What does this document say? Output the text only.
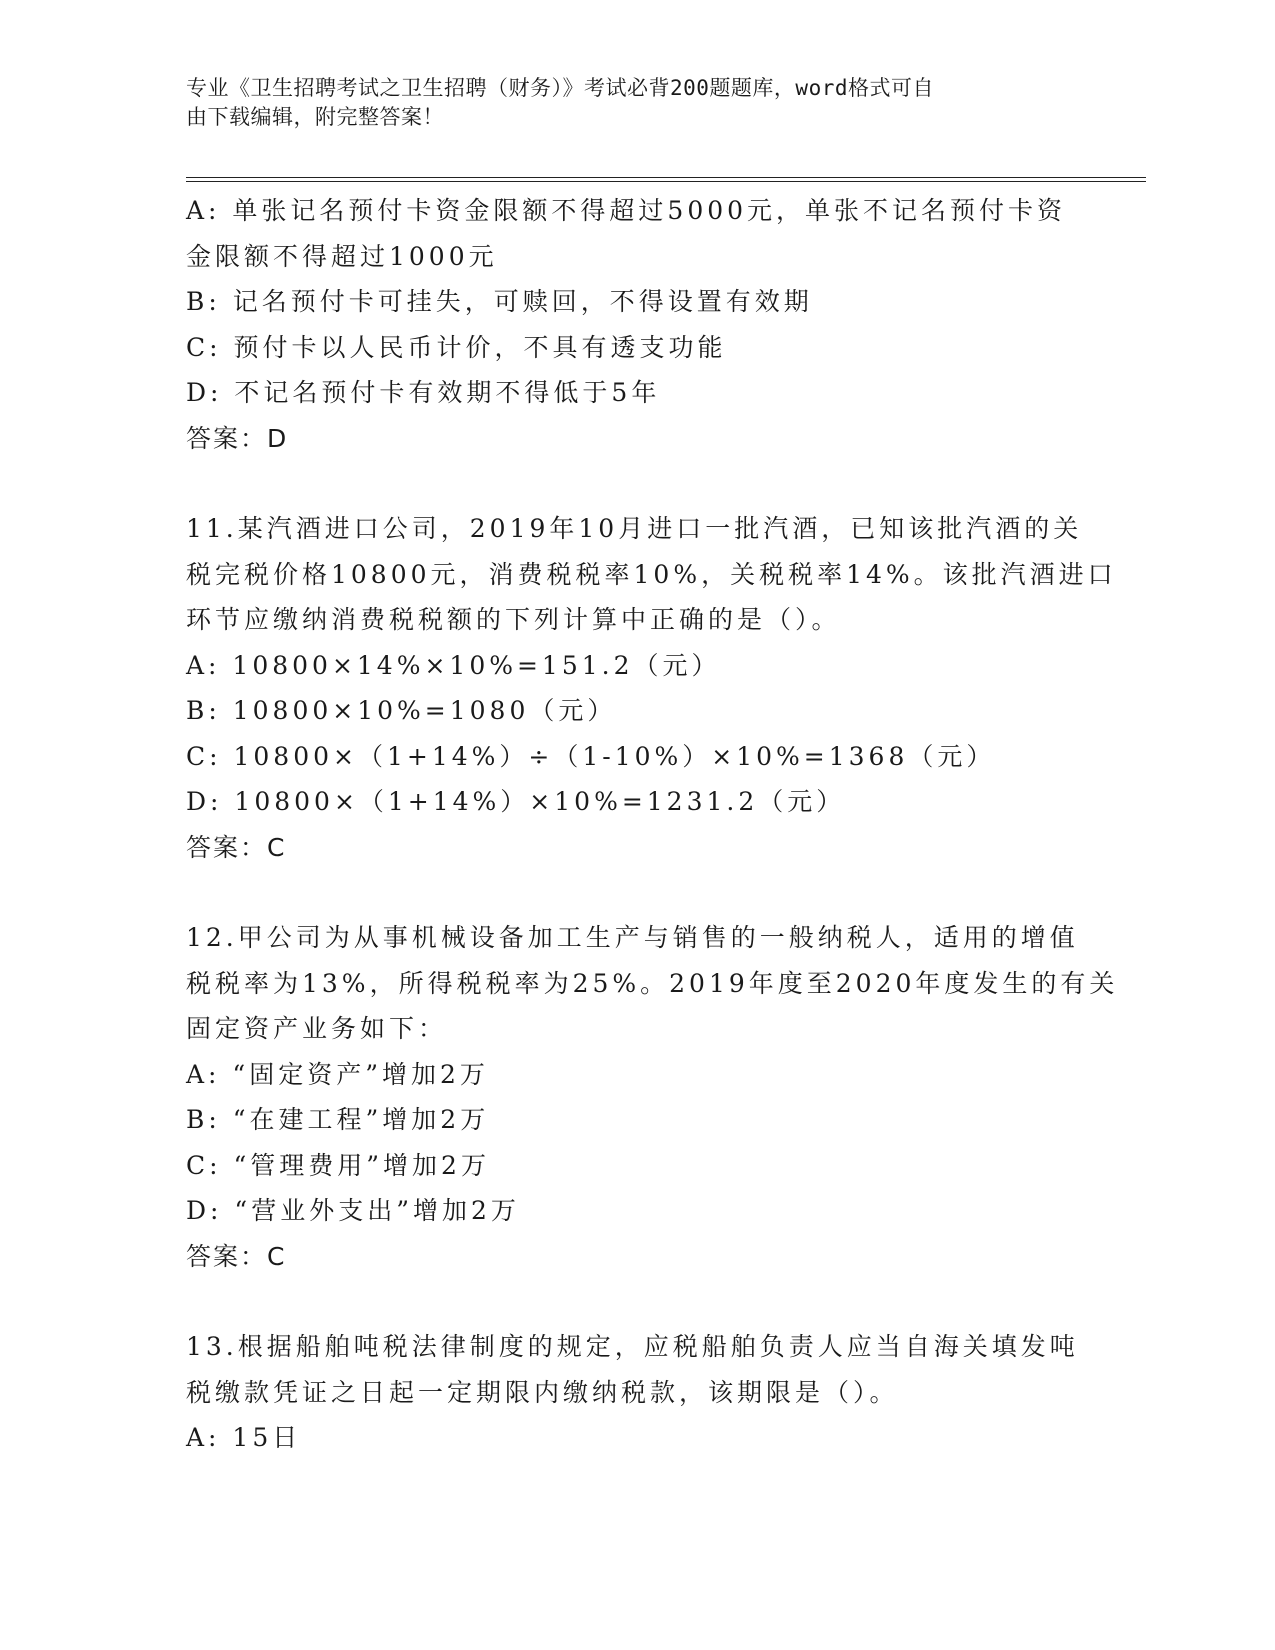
专业《卫生招聘考试之卫生招聘（财务）》考试必背200题题库，word格式可自
由下载编辑，附完整答案！

A: 单张记名预付卡资金限额不得超过5000元，单张不记名预付卡资

金限额不得超过1000元

B: 记名预付卡可挂失，可赎回，不得设置有效期

C: 预付卡以人民币计价，不具有透支功能

D: 不记名预付卡有效期不得低于5年

答案：D

11.某汽酒进口公司，2019年10月进口一批汽酒，已知该批汽酒的关

税完税价格10800元，消费税税率10%，关税税率14%。该批汽酒进口

环节应缴纳消费税税额的下列计算中正确的是（）。

A: 10800×14%×10%=151.2（元）

B: 10800×10%=1080（元）

C: 10800×（1+14%）÷（1-10%）×10%=1368（元）

D: 10800×（1+14%）×10%=1231.2（元）

答案：C

12.甲公司为从事机械设备加工生产与销售的一般纳税人，适用的增值

税税率为13%，所得税税率为25%。2019年度至2020年度发生的有关

固定资产业务如下：

A: “固定资产”增加2万

B: “在建工程”增加2万

C: “管理费用”增加2万

D: “营业外支出”增加2万

答案：C

13.根据船舶吨税法律制度的规定，应税船舶负责人应当自海关填发吨

税缴款凭证之日起一定期限内缴纳税款，该期限是（）。

A: 15日
